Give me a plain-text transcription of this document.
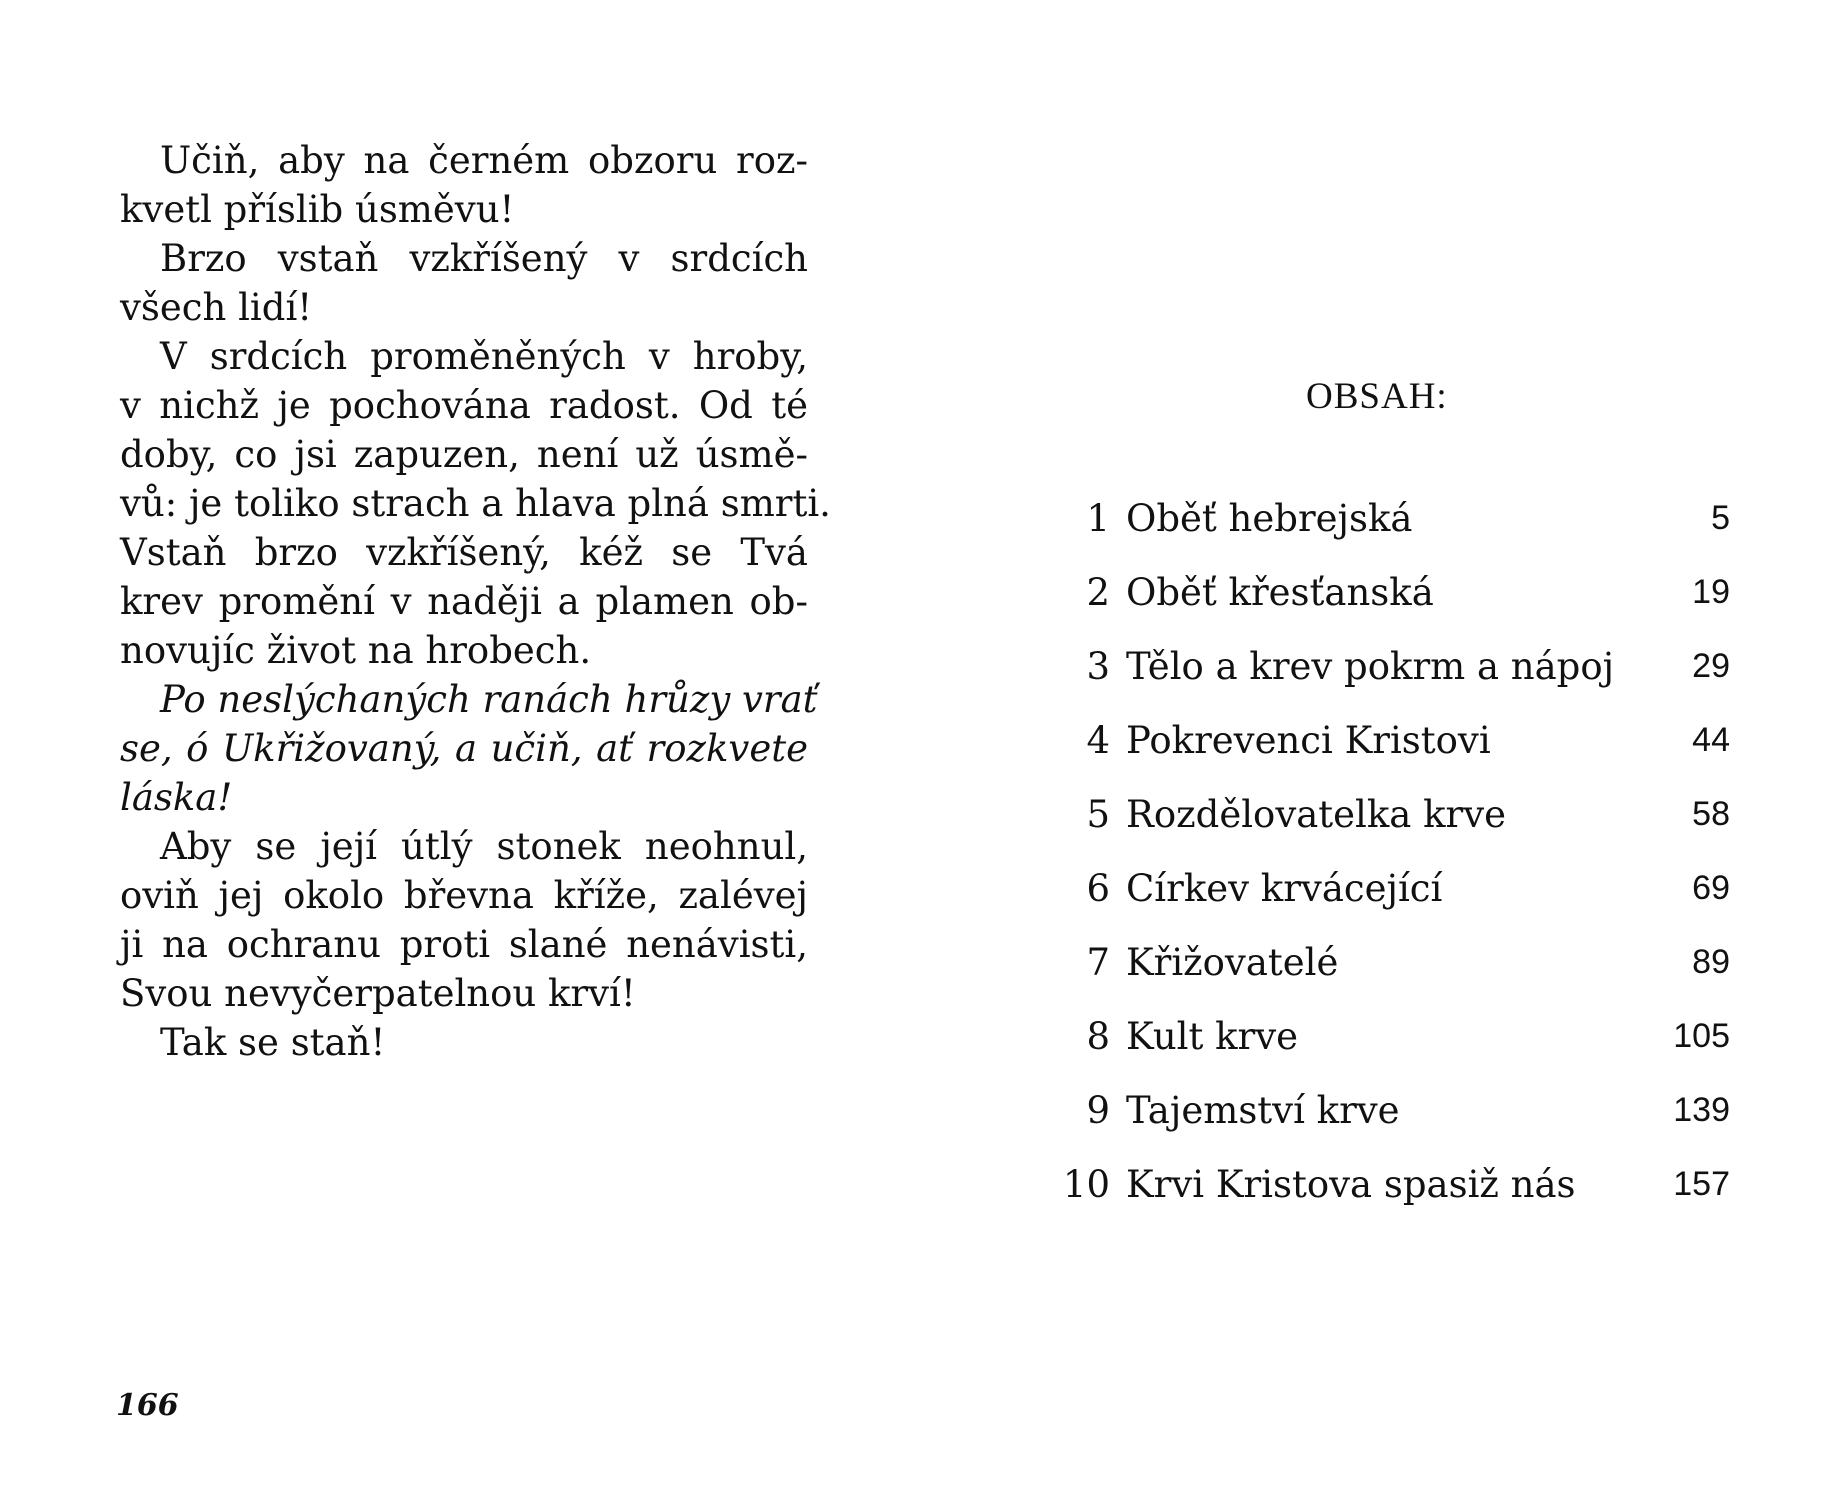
Učiň, aby na černém obzoru roz-
kvetl příslib úsměvu!

Brzo vstaň vzkříšený v srdcích
všech lidí!

V srdcích proměněných v hroby,
v nichž je pochována radost. Od té
doby, co jsi zapuzen, není už úsmě-
vů: je toliko strach a hlava plná smrti.
Vstaň brzo vzkříšený, kéž se Tvá
krev promění v naději a plamen ob-
novujíc život na hrobech.

Po neslýchaných ranách hrůzy vrať
se, ó Ukřižovaný, a učiň, ať rozkvete
láska!

Aby se její útlý stonek neohnul,
oviň jej okolo břevna kříže, zalévej
ji na ochranu proti slané nenávisti,
Svou nevyčerpatelnou krví!

Tak se staň!

166
OBSAH:
1 Oběť hebrejská	5
2 Oběť křesťanská	19
3 Tělo a krev pokrm a nápoj 29
4 Pokrevenci Kristovi	44
5 Rozdělovatelka krve	58
6 Církev krvácející	69
7 Křižovatelé	89
8 Kult krve	105
9 Tajemství krve	139
10 Krvi Kristova spasiž nás	157
